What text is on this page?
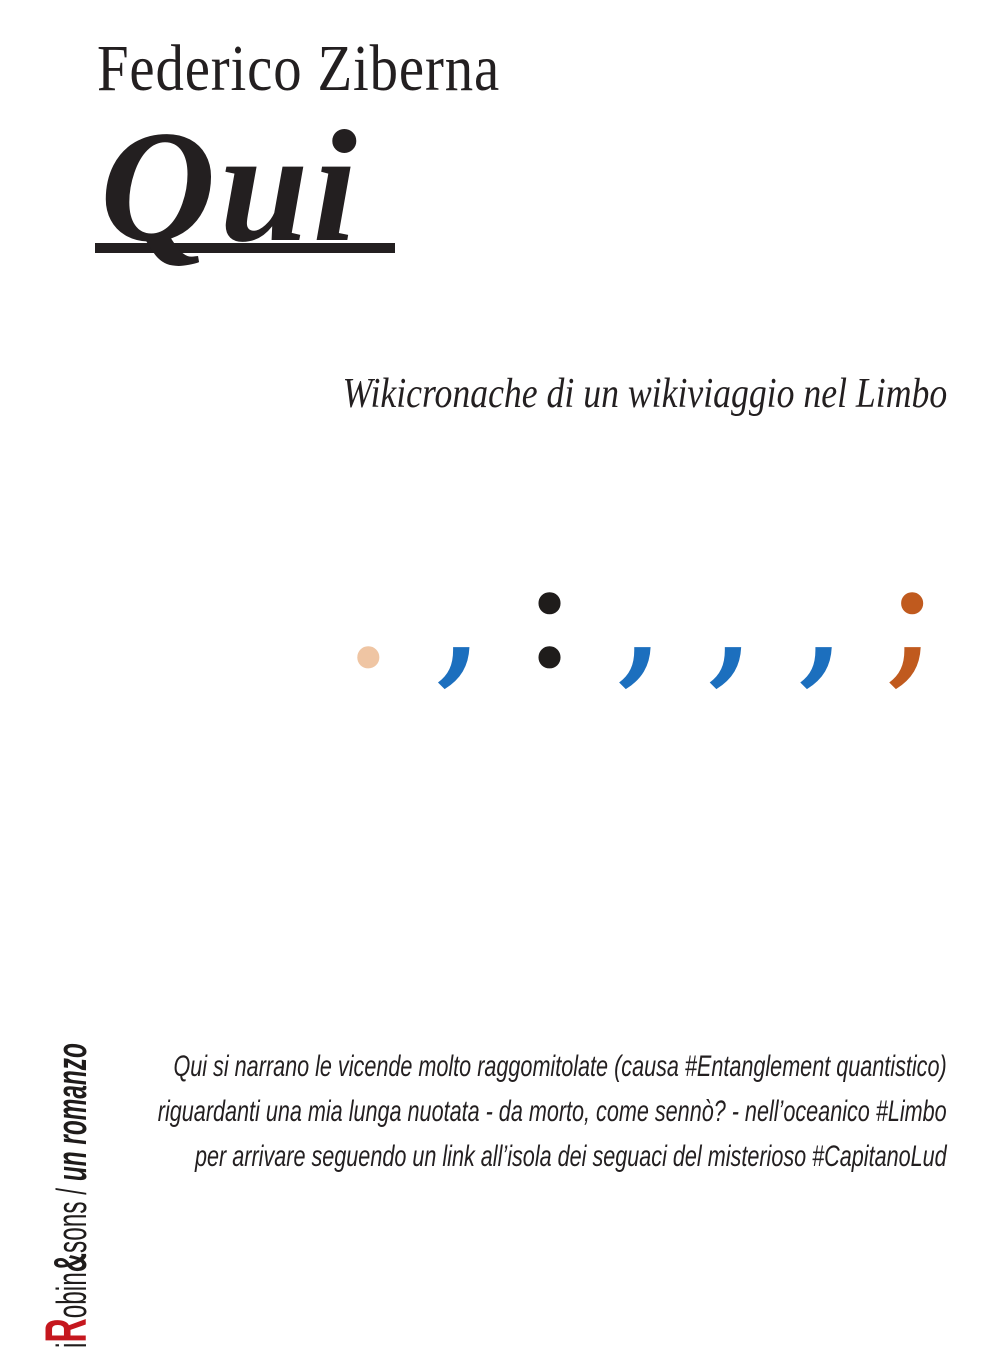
Federico Ziberna
Qui
Wikicronache di un wikiviaggio nel Limbo
. , : , , , ;
Qui si narrano le vicende molto raggomitolate (causa #Entanglement quantistico)
riguardanti una mia lunga nuotata - da morto, come sennò? - nell’oceanico #Limbo
per arrivare seguendo un link all’isola dei seguaci del misterioso #CapitanoLud
iRobin&sons / un romanzo
